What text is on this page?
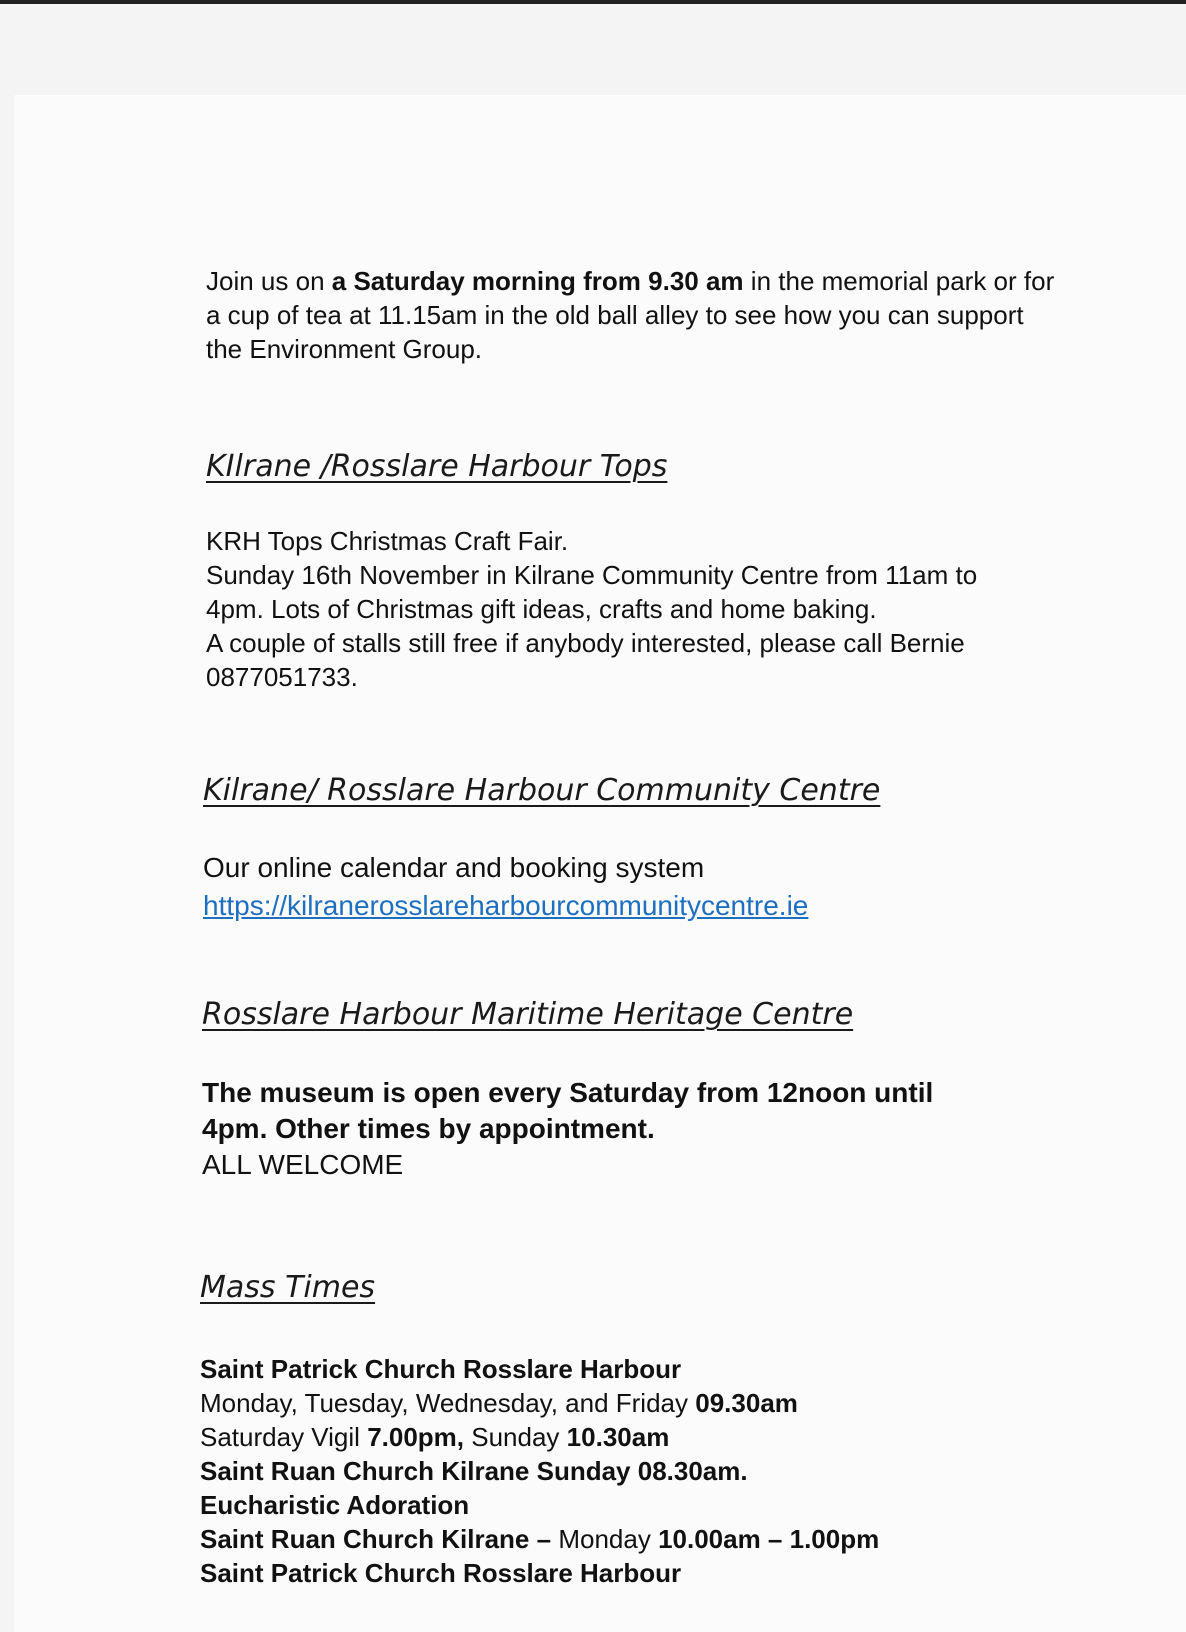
Join us on a Saturday morning from 9.30 am in the memorial park or for a cup of tea at 11.15am in the old ball alley to see how you can support the Environment Group.

KIlrane /Rosslare Harbour Tops

KRH Tops Christmas Craft Fair.

Sunday 16th November in Kilrane Community Centre from 11am to 4pm. Lots of Christmas gift ideas, crafts and home baking.

A couple of stalls still free if anybody interested, please call Bernie 0877051733.

Kilrane/ Rosslare Harbour Community Centre

Our online calendar and booking system

https://kilranerosslareharbourcommunitycentre.ie

Rosslare Harbour Maritime Heritage Centre

The museum is open every Saturday from 12noon until 4pm. Other times by appointment.

ALL WELCOME

Mass Times

Saint Patrick Church Rosslare Harbour

Monday, Tuesday, Wednesday, and Friday 09.30am

Saturday Vigil 7.00pm, Sunday 10.30am

Saint Ruan Church Kilrane Sunday 08.30am.

Eucharistic Adoration

Saint Ruan Church Kilrane – Monday 10.00am – 1.00pm

Saint Patrick Church Rosslare Harbour
